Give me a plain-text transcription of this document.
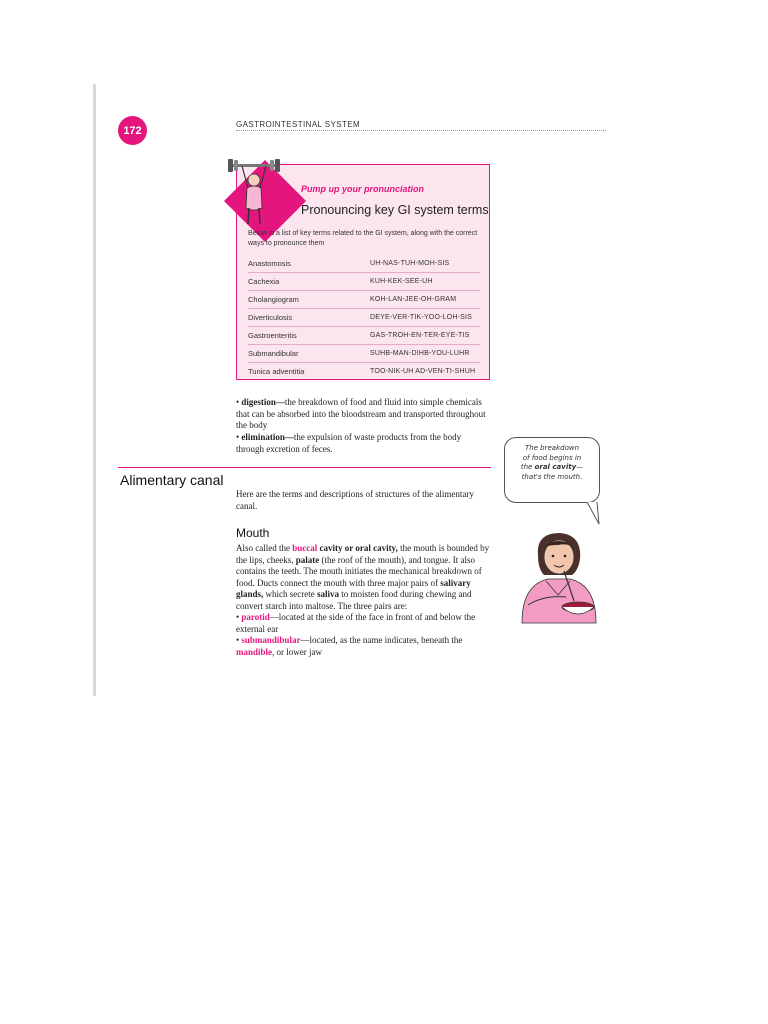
172	GASTROINTESTINAL SYSTEM
Pump up your pronunciation
Pronouncing key GI system terms
Below is a list of key terms related to the GI system, along with the correct ways to pronounce them
Anastomosis	UH-NAS-TUH-MOH-SIS
Cachexia	KUH-KEK-SEE-UH
Cholangiogram	KOH-LAN-JEE-OH-GRAM
Diverticulosis	DEYE-VER-TIK-YOO-LOH-SIS
Gastroenteritis	GAS-TROH-EN-TER-EYE-TIS
Submandibular	SUHB-MAN-DIHB-YOU-LUHR
Tunica adventitia	TOO-NIK-UH AD-VEN-TI-SHUH
• digestion—the breakdown of food and fluid into simple chemicals that can be absorbed into the bloodstream and transported throughout the body
• elimination—the expulsion of waste products from the body through excretion of feces.
Alimentary canal
Here are the terms and descriptions of structures of the alimentary canal.
Mouth
Also called the buccal cavity or oral cavity, the mouth is bounded by the lips, cheeks, palate (the roof of the mouth), and tongue. It also contains the teeth. The mouth initiates the mechanical breakdown of food. Ducts connect the mouth with three major pairs of salivary glands, which secrete saliva to moisten food during chewing and convert starch into maltose. The three pairs are:
• parotid—located at the side of the face in front of and below the external ear
• submandibular—located, as the name indicates, beneath the mandible, or lower jaw
The breakdown
of food begins in
the oral cavity—
that's the mouth.
